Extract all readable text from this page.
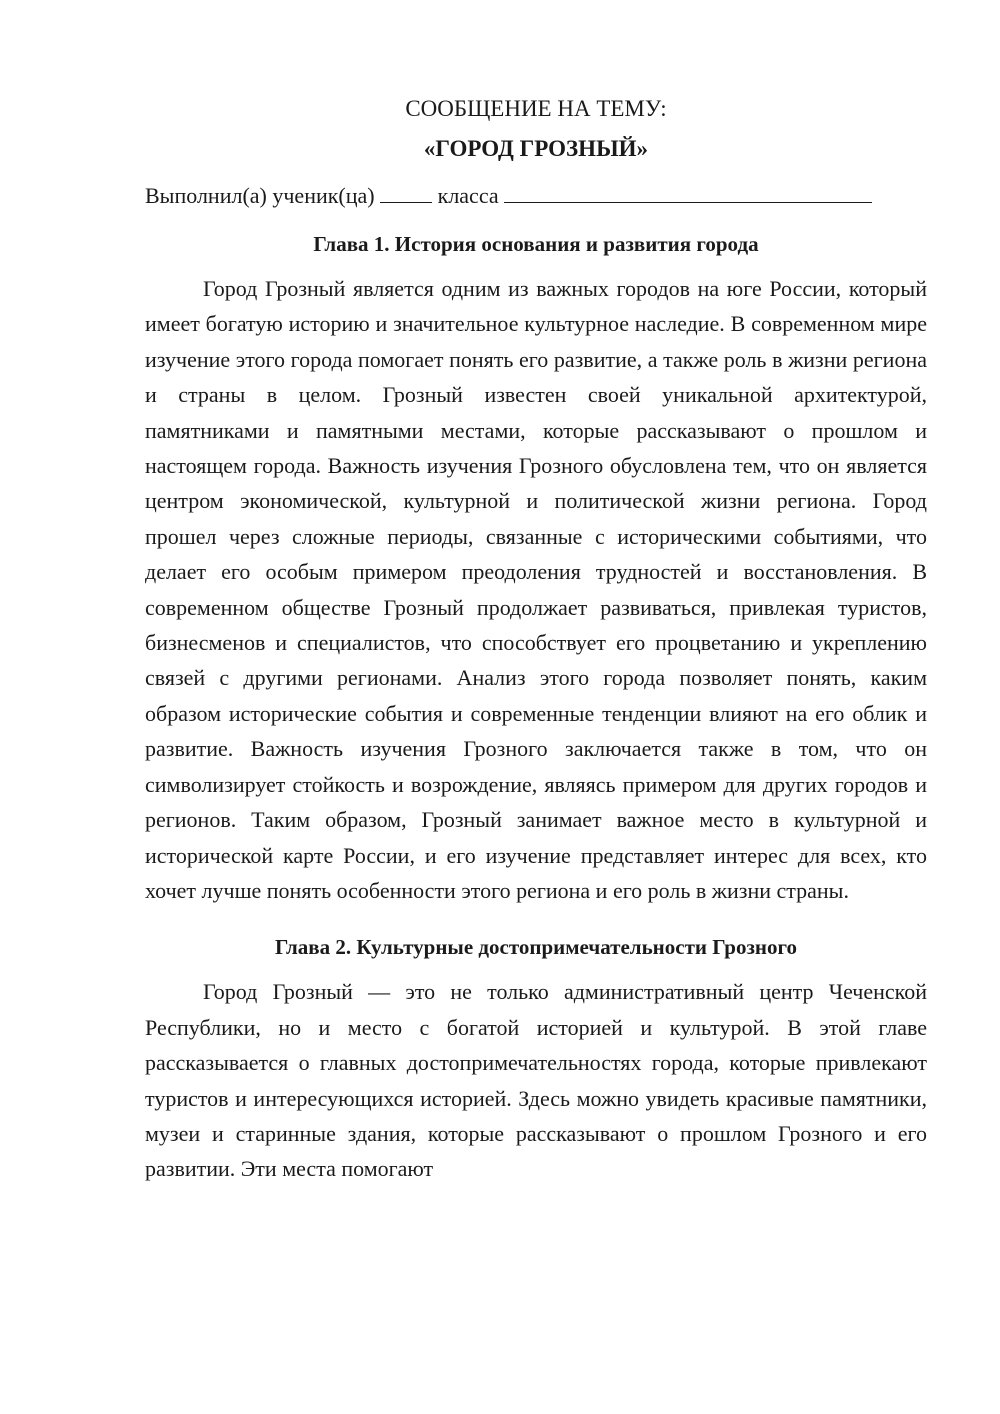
СООБЩЕНИЕ НА ТЕМУ:

«ГОРОД ГРОЗНЫЙ»

Выполнил(а) ученик(ца)	класса

Глава 1. История основания и развития города

Город Грозный является одним из важных городов на юге России, который имеет богатую историю и значительное культурное наследие. В современном мире изучение этого города помогает понять его развитие, а также роль в жизни региона и страны в целом. Грозный известен своей уникальной архитектурой, памятниками и памятными местами, которые рассказывают о прошлом и настоящем города. Важность изучения Грозного обусловлена тем, что он является центром экономической, культурной и политической жизни региона. Город прошел через сложные периоды, связанные с историческими событиями, что делает его особым примером преодоления трудностей и восстановления. В современном обществе Грозный продолжает развиваться, привлекая туристов, бизнесменов и специалистов, что способствует его процветанию и укреплению связей с другими регионами. Анализ этого города позволяет понять, каким образом исторические события и современные тенденции влияют на его облик и развитие. Важность изучения Грозного заключается также в том, что он символизирует стойкость и возрождение, являясь примером для других городов и регионов. Таким образом, Грозный занимает важное место в культурной и исторической карте России, и его изучение представляет интерес для всех, кто хочет лучше понять особенности этого региона и его роль в жизни страны.

Глава 2. Культурные достопримечательности Грозного

Город Грозный — это не только административный центр Чеченской Республики, но и место с богатой историей и культурой. В этой главе рассказывается о главных достопримечательностях города, которые привлекают туристов и интересующихся историей. Здесь можно увидеть красивые памятники, музеи и старинные здания, которые рассказывают о прошлом Грозного и его развитии. Эти места помогают
